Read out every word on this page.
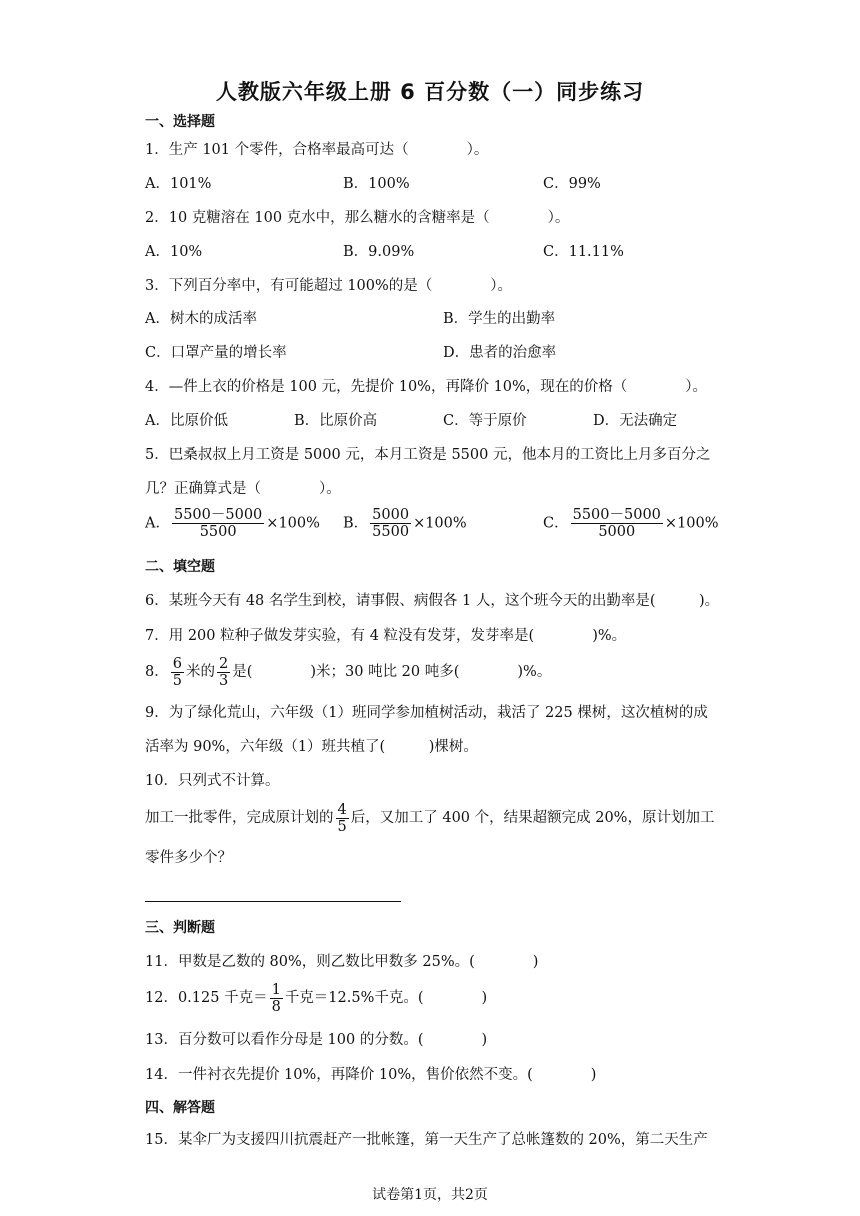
人教版六年级上册 6 百分数（一）同步练习
一、选择题
1．生产 101 个零件，合格率最高可达（　　　　）。
A．101%	B．100%	C．99%
2．10 克糖溶在 100 克水中，那么糖水的含糖率是（　　　　）。
A．10%	B．9.09%	C．11.11%
3．下列百分率中，有可能超过 100%的是（　　　　）。
A．树木的成活率	B．学生的出勤率
C．口罩产量的增长率	D．患者的治愈率
4．—件上衣的价格是 100 元，先提价 10%，再降价 10%，现在的价格（　　　　）。
A．比原价低	B．比原价高	C．等于原价	D．无法确定
5．巴桑叔叔上月工资是 5000 元，本月工资是 5500 元，他本月的工资比上月多百分之
几？正确算式是（　　　　）。
A． $\frac{5500-5000}{5500} \times 100\%$ B． $\frac{5000}{5500} \times 100\%$	C． $\frac{5500-5000}{5000} \times 100\%$
二、填空题
6．某班今天有 48 名学生到校，请事假、病假各 1 人，这个班今天的出勤率是(　　　)。
7．用 200 粒种子做发芽实验，有 4 粒没有发芽，发芽率是(　　　　)%。
8． $\frac{6}{5}$ 米的 $\frac{2}{3}$ 是(　　　　)米；30 吨比 20 吨多(　　　　)%。
9．为了绿化荒山，六年级（1）班同学参加植树活动，栽活了 225 棵树，这次植树的成
活率为 90%，六年级（1）班共植了(　　　)棵树。
10．只列式不计算。
加工一批零件，完成原计划的 $\frac{4}{5}$ 后，又加工了 400 个，结果超额完成 20%，原计划加工
零件多少个？
三、判断题
11．甲数是乙数的 80%，则乙数比甲数多 25%。(　　　　)
12．0.125 千克＝ $\frac{1}{8}$ 千克＝12.5%千克。(　　　　)
13．百分数可以看作分母是 100 的分数。(　　　　)
14．一件衬衣先提价 10%，再降价 10%，售价依然不变。(　　　　)
四、解答题
15．某伞厂为支援四川抗震赶产一批帐篷，第一天生产了总帐篷数的 20%，第二天生产
试卷第1页，共2页
